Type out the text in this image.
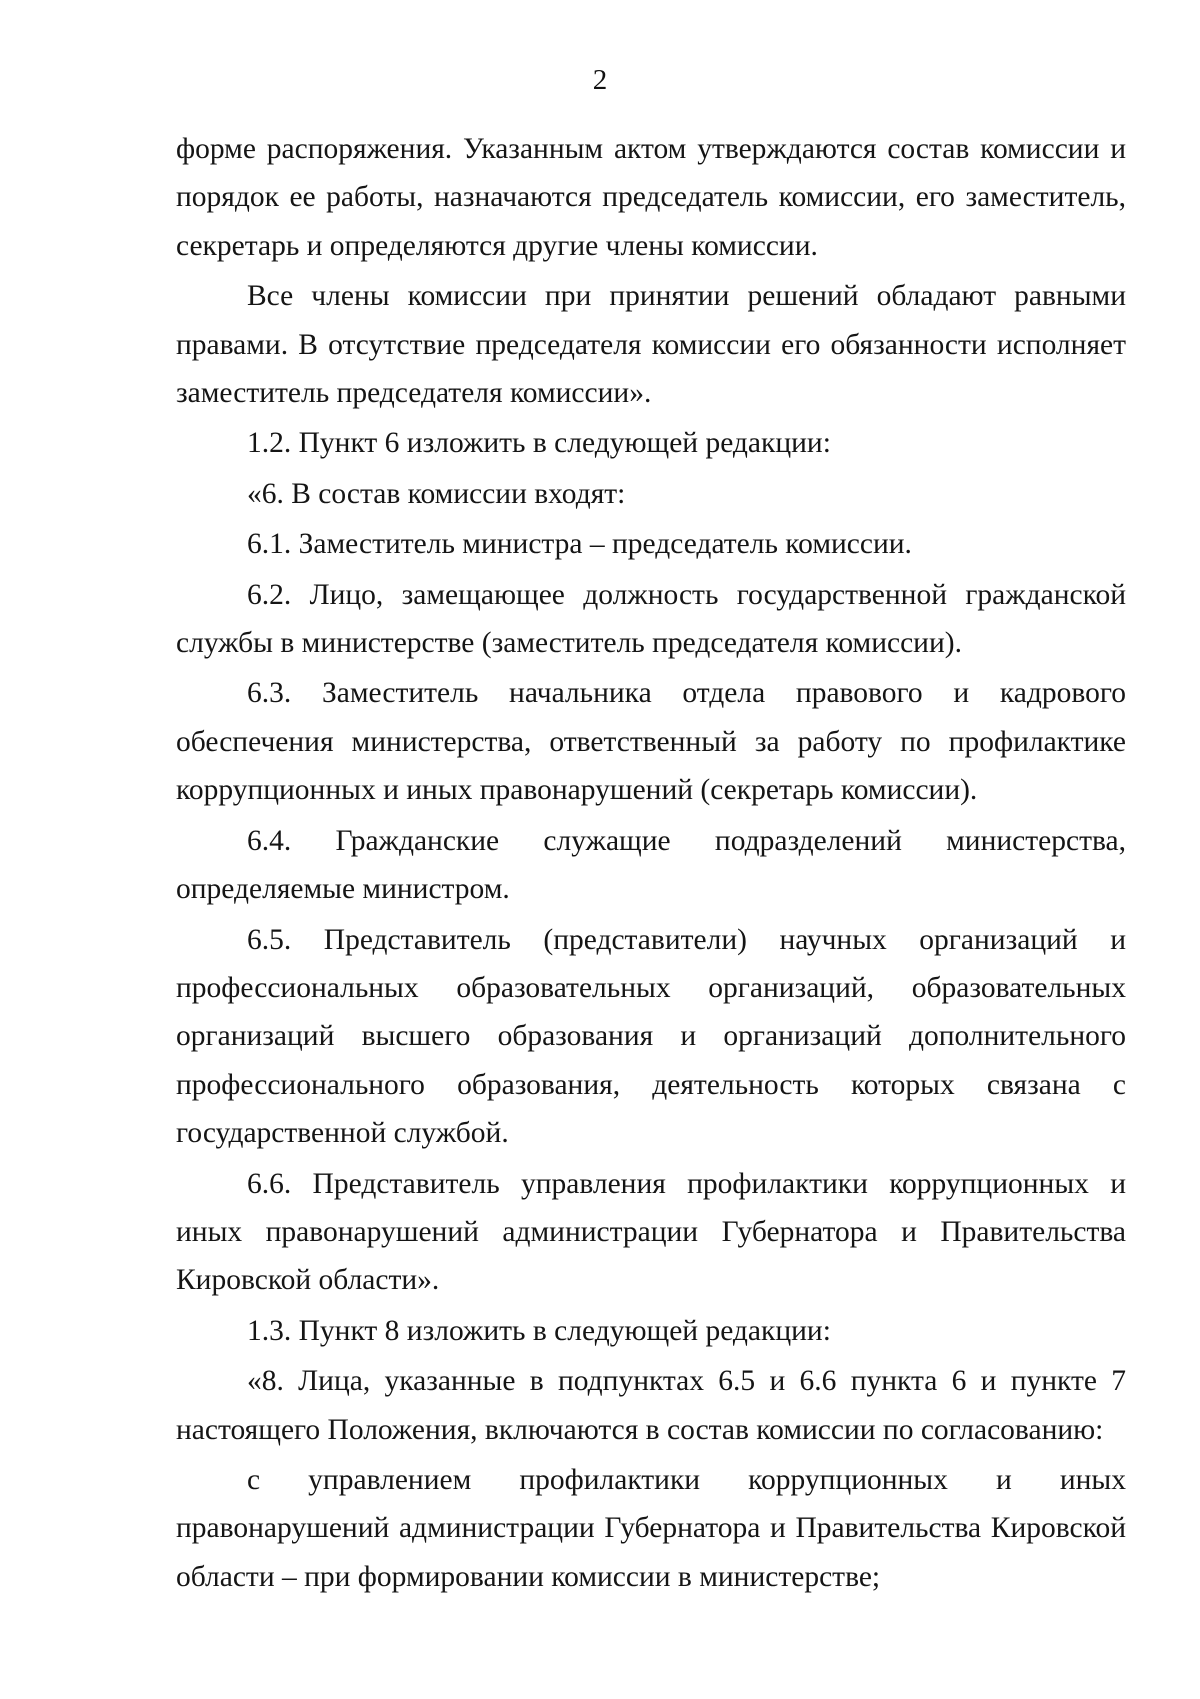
2

форме распоряжения. Указанным актом утверждаются состав комиссии и порядок ее работы, назначаются председатель комиссии, его заместитель, секретарь и определяются другие члены комиссии.

Все члены комиссии при принятии решений обладают равными правами. В отсутствие председателя комиссии его обязанности исполняет заместитель председателя комиссии».

1.2. Пункт 6 изложить в следующей редакции:

«6. В состав комиссии входят:

6.1. Заместитель министра – председатель комиссии.

6.2. Лицо, замещающее должность государственной гражданской службы в министерстве (заместитель председателя комиссии).

6.3. Заместитель начальника отдела правового и кадрового обеспечения министерства, ответственный за работу по профилактике коррупционных и иных правонарушений (секретарь комиссии).

6.4. Гражданские служащие подразделений министерства, определяемые министром.

6.5. Представитель (представители) научных организаций и профессиональных образовательных организаций, образовательных организаций высшего образования и организаций дополнительного профессионального образования, деятельность которых связана с государственной службой.

6.6. Представитель управления профилактики коррупционных и иных правонарушений администрации Губернатора и Правительства Кировской области».

1.3. Пункт 8 изложить в следующей редакции:

«8. Лица, указанные в подпунктах 6.5 и 6.6 пункта 6 и пункте 7 настоящего Положения, включаются в состав комиссии по согласованию:

с управлением профилактики коррупционных и иных правонарушений администрации Губернатора и Правительства Кировской области – при формировании комиссии в министерстве;
